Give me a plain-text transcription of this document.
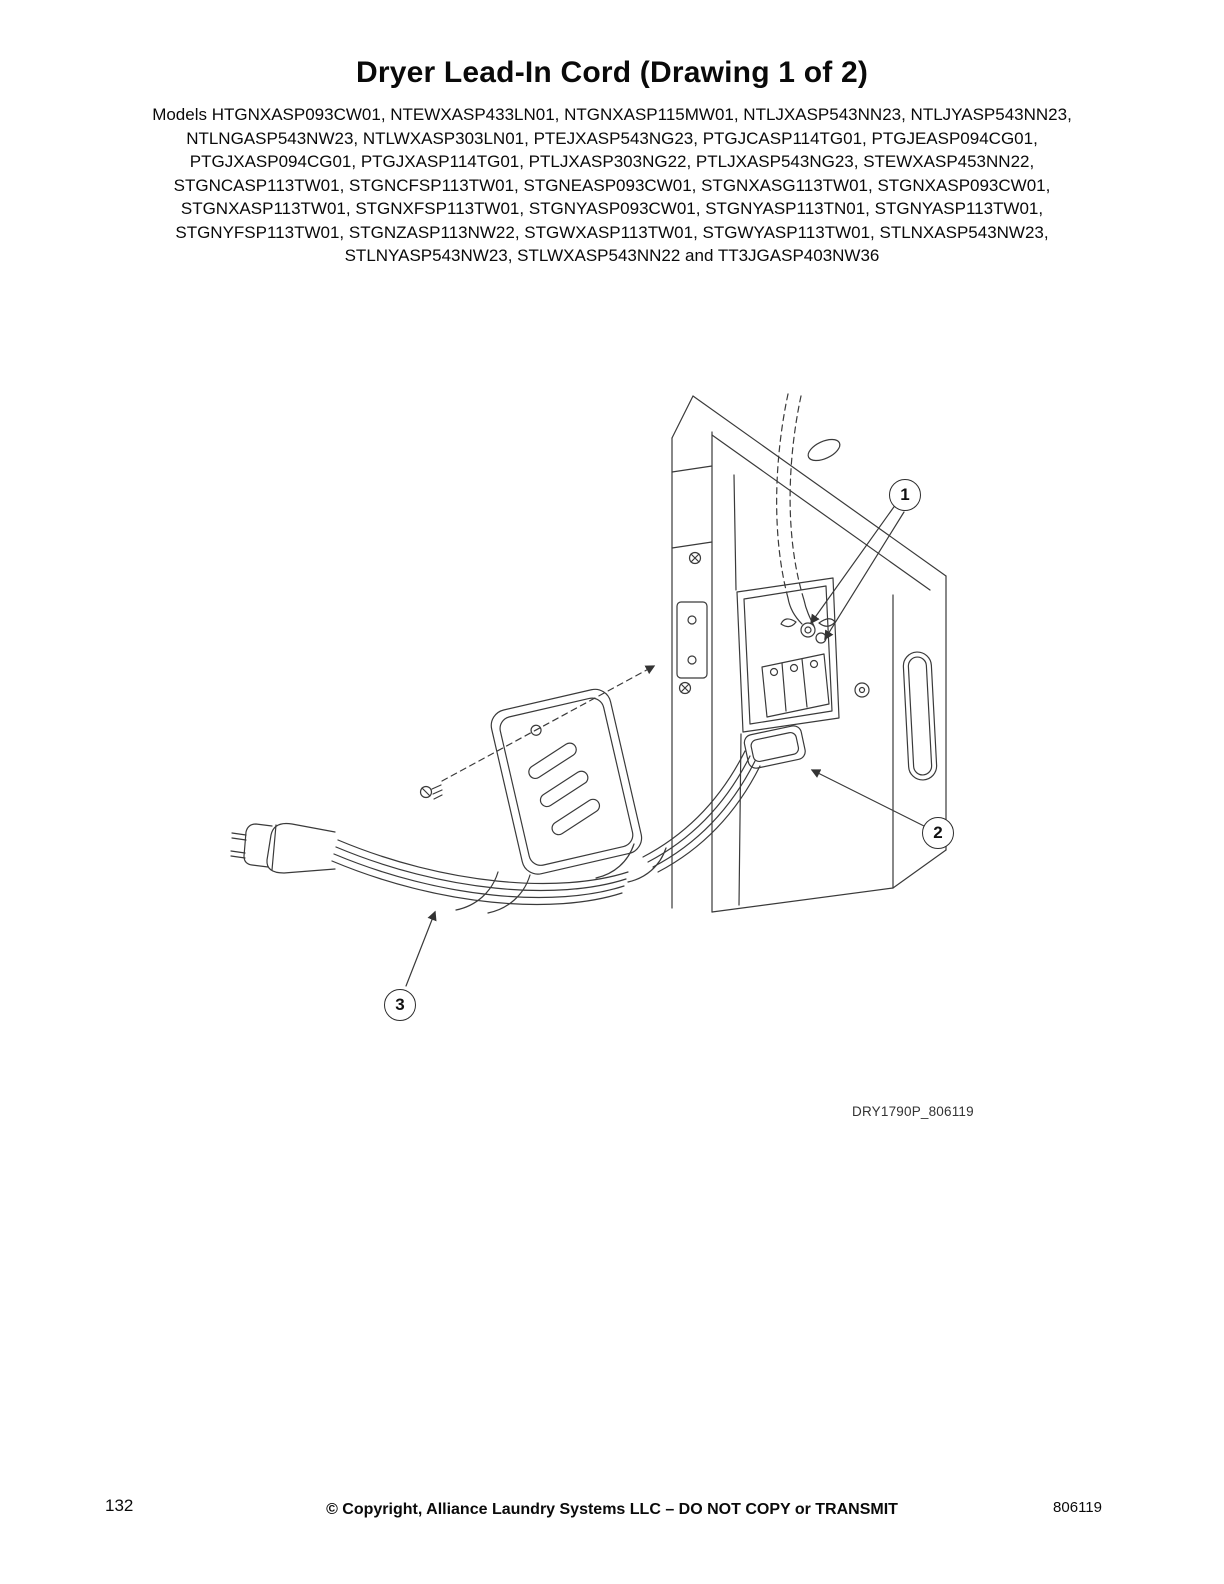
Dryer Lead-In Cord (Drawing 1 of 2)
Models HTGNXASP093CW01, NTEWXASP433LN01, NTGNXASP115MW01, NTLJXASP543NN23, NTLJYASP543NN23,
NTLNGASP543NW23, NTLWXASP303LN01, PTEJXASP543NG23, PTGJCASP114TG01, PTGJEASP094CG01,
PTGJXASP094CG01, PTGJXASP114TG01, PTLJXASP303NG22, PTLJXASP543NG23, STEWXASP453NN22,
STGNCASP113TW01, STGNCFSP113TW01, STGNEASP093CW01, STGNXASG113TW01, STGNXASP093CW01,
STGNXASP113TW01, STGNXFSP113TW01, STGNYASP093CW01, STGNYASP113TN01, STGNYASP113TW01,
STGNYFSP113TW01, STGNZASP113NW22, STGWXASP113TW01, STGWYASP113TW01, STLNXASP543NW23,
STLNYASP543NW23, STLWXASP543NN22 and TT3JGASP403NW36
1
2
3
DRY1790P_806119
132	© Copyright, Alliance Laundry Systems LLC – DO NOT COPY or TRANSMIT	806119
